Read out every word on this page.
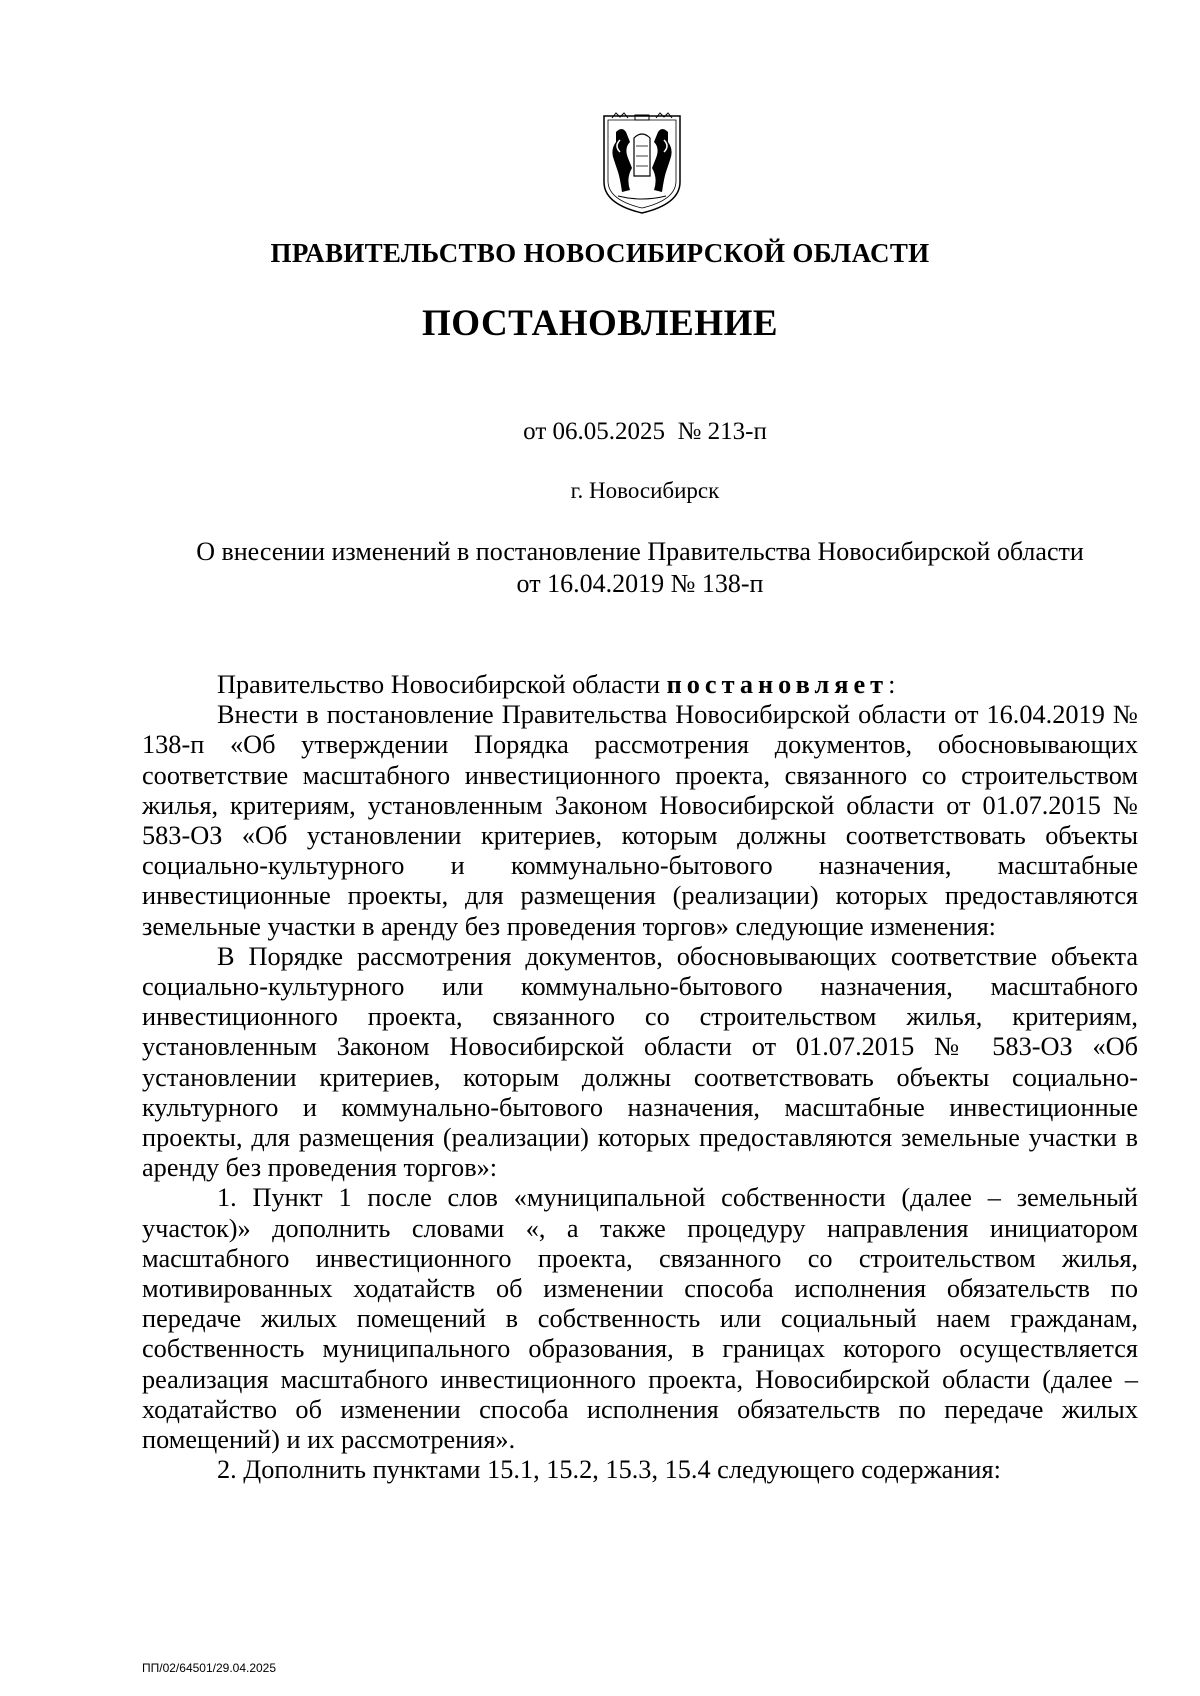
ПРАВИТЕЛЬСТВО НОВОСИБИРСКОЙ ОБЛАСТИ
ПОСТАНОВЛЕНИЕ
от 06.05.2025  № 213-п
г. Новосибирск
О внесении изменений в постановление Правительства Новосибирской области
от 16.04.2019 № 138-п

Правительство Новосибирской области постановляет:

Внести в постановление Правительства Новосибирской области от 16.04.2019 № 138-п «Об утверждении Порядка рассмотрения документов, обосновывающих соответствие масштабного инвестиционного проекта, связанного со строительством жилья, критериям, установленным Законом Новосибирской области от 01.07.2015 № 583-ОЗ «Об установлении критериев, которым должны соответствовать объекты социально-культурного и коммунально-бытового назначения, масштабные инвестиционные проекты, для размещения (реализации) которых предоставляются земельные участки в аренду без проведения торгов» следующие изменения:

В Порядке рассмотрения документов, обосновывающих соответствие объекта социально-культурного или коммунально-бытового назначения, масштабного инвестиционного проекта, связанного со строительством жилья, критериям, установленным Законом Новосибирской области от 01.07.2015 № 583-ОЗ «Об установлении критериев, которым должны соответствовать объекты социально-культурного и коммунально-бытового назначения, масштабные инвестиционные проекты, для размещения (реализации) которых предоставляются земельные участки в аренду без проведения торгов»:

1. Пункт 1 после слов «муниципальной собственности (далее – земельный участок)» дополнить словами «, а также процедуру направления инициатором масштабного инвестиционного проекта, связанного со строительством жилья, мотивированных ходатайств об изменении способа исполнения обязательств по передаче жилых помещений в собственность или социальный наем гражданам, собственность муниципального образования, в границах которого осуществляется реализация масштабного инвестиционного проекта, Новосибирской области (далее – ходатайство об изменении способа исполнения обязательств по передаче жилых помещений) и их рассмотрения».

2. Дополнить пунктами 15.1, 15.2, 15.3, 15.4 следующего содержания:

ПП/02/64501/29.04.2025
